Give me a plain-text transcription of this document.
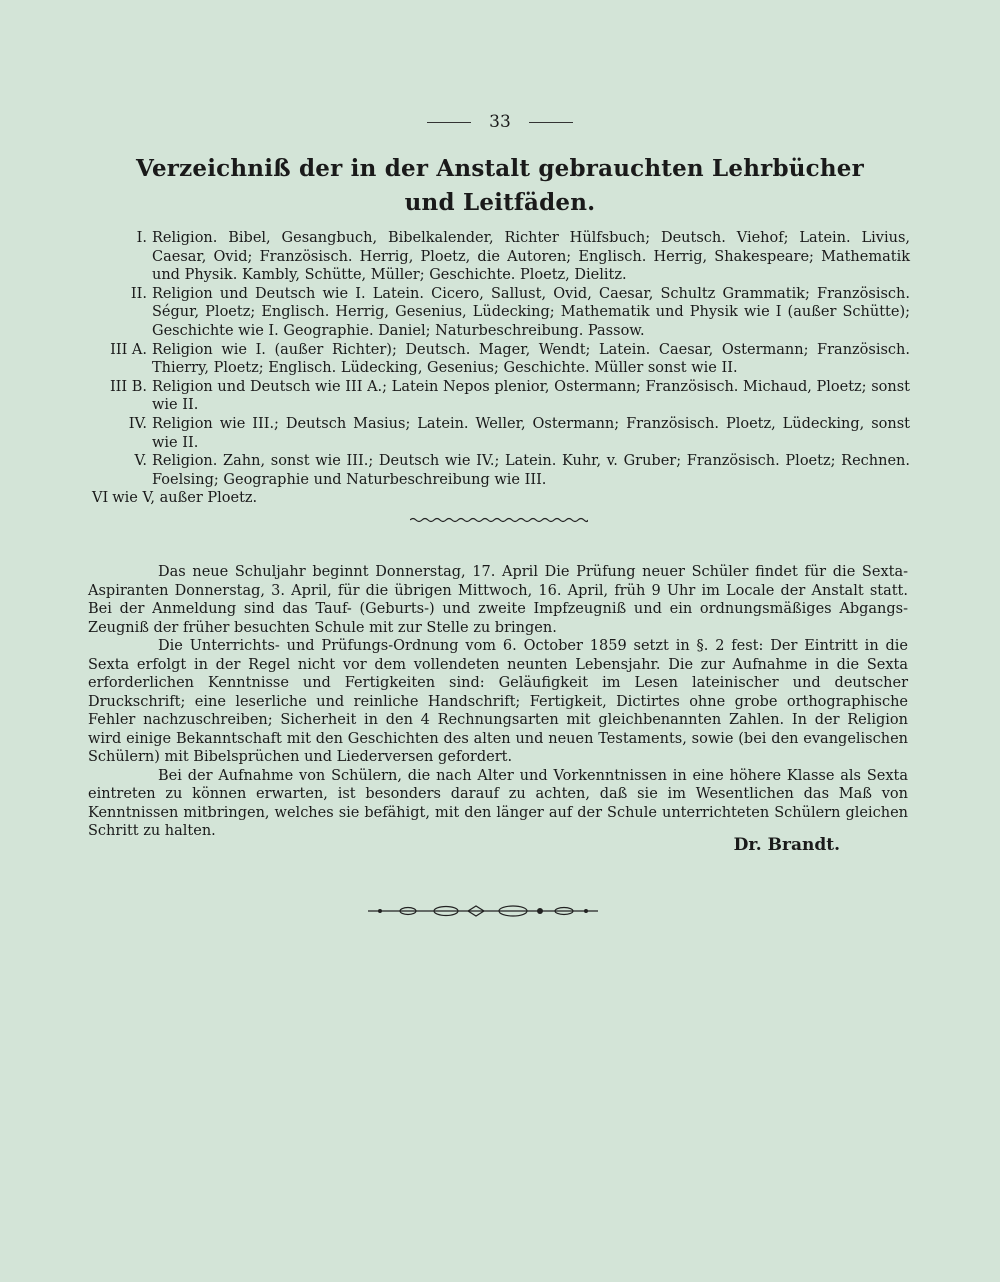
33
Verzeichniß der in der Anstalt gebrauchten Lehrbücher
und Leitfäden.
I. Religion. Bibel, Gesangbuch, Bibelkalender, Richter Hülfsbuch; Deutsch. Viehof; Latein. Livius, Caesar, Ovid; Französisch. Herrig, Ploetz, die Autoren; Englisch. Herrig, Shakespeare; Mathematik und Physik. Kambly, Schütte, Müller; Geschichte. Ploetz, Dielitz.
II. Religion und Deutsch wie I. Latein. Cicero, Sallust, Ovid, Caesar, Schultz Grammatik; Französisch. Ségur, Ploetz; Englisch. Herrig, Gesenius, Lüdecking; Mathematik und Physik wie I (außer Schütte); Geschichte wie I. Geographie. Daniel; Naturbeschreibung. Passow.
III A. Religion wie I. (außer Richter); Deutsch. Mager, Wendt; Latein. Caesar, Ostermann; Französisch. Thierry, Ploetz; Englisch. Lüdecking, Gesenius; Geschichte. Müller sonst wie II.
III B. Religion und Deutsch wie III A.; Latein Nepos plenior, Ostermann; Französisch. Michaud, Ploetz; sonst wie II.
IV. Religion wie III.; Deutsch Masius; Latein. Weller, Ostermann; Französisch. Ploetz, Lüdecking, sonst wie II.
V. Religion. Zahn, sonst wie III.; Deutsch wie IV.; Latein. Kuhr, v. Gruber; Französisch. Ploetz; Rechnen. Foelsing; Geographie und Naturbeschreibung wie III.
VI wie V, außer Ploetz.

Das neue Schuljahr beginnt Donnerstag, 17. April Die Prüfung neuer Schüler findet für die Sexta-Aspiranten Donnerstag, 3. April, für die übrigen Mittwoch, 16. April, früh 9 Uhr im Locale der Anstalt statt. Bei der Anmeldung sind das Tauf- (Geburts-) und zweite Impfzeugniß und ein ordnungsmäßiges Abgangs-Zeugniß der früher besuchten Schule mit zur Stelle zu bringen.

Die Unterrichts- und Prüfungs-Ordnung vom 6. October 1859 setzt in §. 2 fest: Der Eintritt in die Sexta erfolgt in der Regel nicht vor dem vollendeten neunten Lebensjahr. Die zur Aufnahme in die Sexta erforderlichen Kenntnisse und Fertigkeiten sind: Geläufigkeit im Lesen lateinischer und deutscher Druckschrift; eine leserliche und reinliche Handschrift; Fertigkeit, Dictirtes ohne grobe orthographische Fehler nachzuschreiben; Sicherheit in den 4 Rechnungsarten mit gleichbenannten Zahlen. In der Religion wird einige Bekanntschaft mit den Geschichten des alten und neuen Testaments, sowie (bei den evangelischen Schülern) mit Bibelsprüchen und Liederversen gefordert.

Bei der Aufnahme von Schülern, die nach Alter und Vorkenntnissen in eine höhere Klasse als Sexta eintreten zu können erwarten, ist besonders darauf zu achten, daß sie im Wesentlichen das Maß von Kenntnissen mitbringen, welches sie befähigt, mit den länger auf der Schule unterrichteten Schülern gleichen Schritt zu halten.

Dr. Brandt.
